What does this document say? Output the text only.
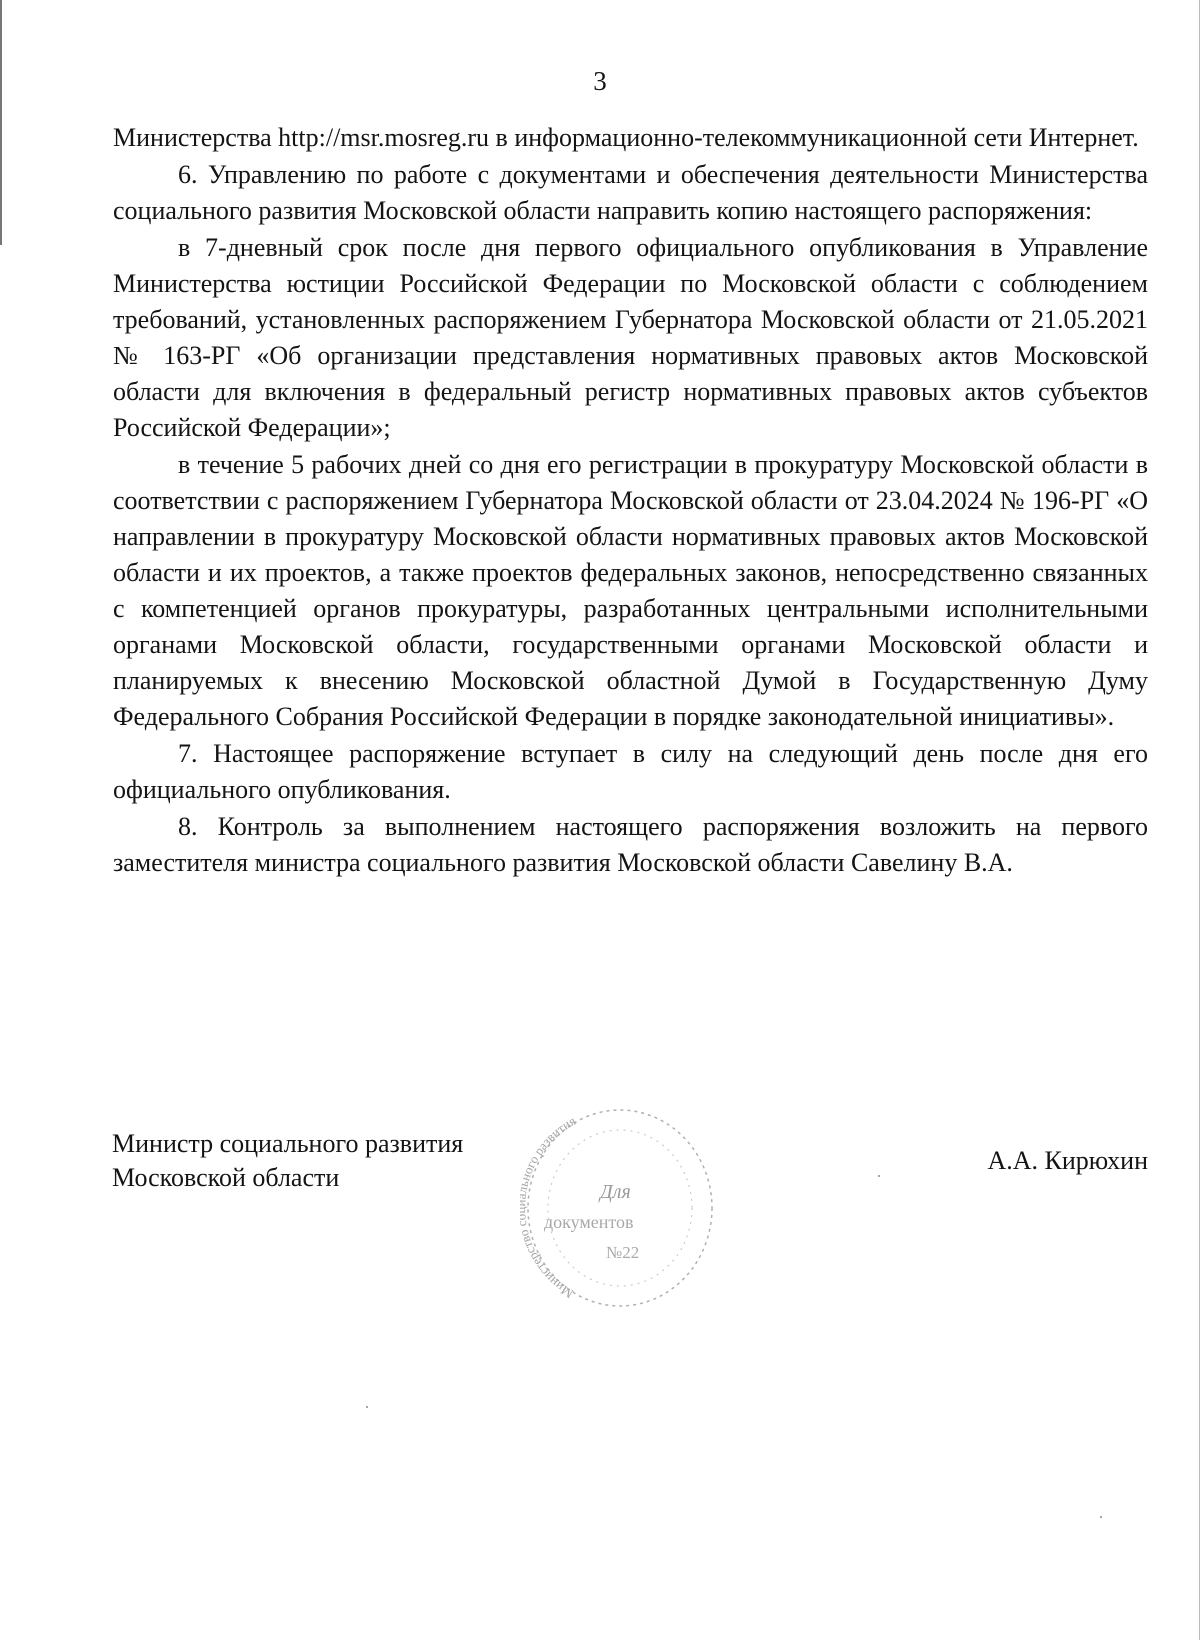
3

Министерства http://msr.mosreg.ru в информационно-телекоммуникационной сети Интернет.

6. Управлению по работе с документами и обеспечения деятельности Министерства социального развития Московской области направить копию настоящего распоряжения:

в 7-дневный срок после дня первого официального опубликования в Управление Министерства юстиции Российской Федерации по Московской области с соблюдением требований, установленных распоряжением Губернатора Московской области от 21.05.2021 № 163-РГ «Об организации представления нормативных правовых актов Московской области для включения в федеральный регистр нормативных правовых актов субъектов Российской Федерации»;

в течение 5 рабочих дней со дня его регистрации в прокуратуру Московской области в соответствии с распоряжением Губернатора Московской области от 23.04.2024 № 196-РГ «О направлении в прокуратуру Московской области нормативных правовых актов Московской области и их проектов, а также проектов федеральных законов, непосредственно связанных с компетенцией органов прокуратуры, разработанных центральными исполнительными органами Московской области, государственными органами Московской области и планируемых к внесению Московской областной Думой в Государственную Думу Федерального Собрания Российской Федерации в порядке законодательной инициативы».

7. Настоящее распоряжение вступает в силу на следующий день после дня его официального опубликования.

8. Контроль за выполнением настоящего распоряжения возложить на первого заместителя министра социального развития Московской области Савелину В.А.

Министр социального развития
Московской области
Министерст ого развития
Для
документов
№22
А.А. Кирюхин
